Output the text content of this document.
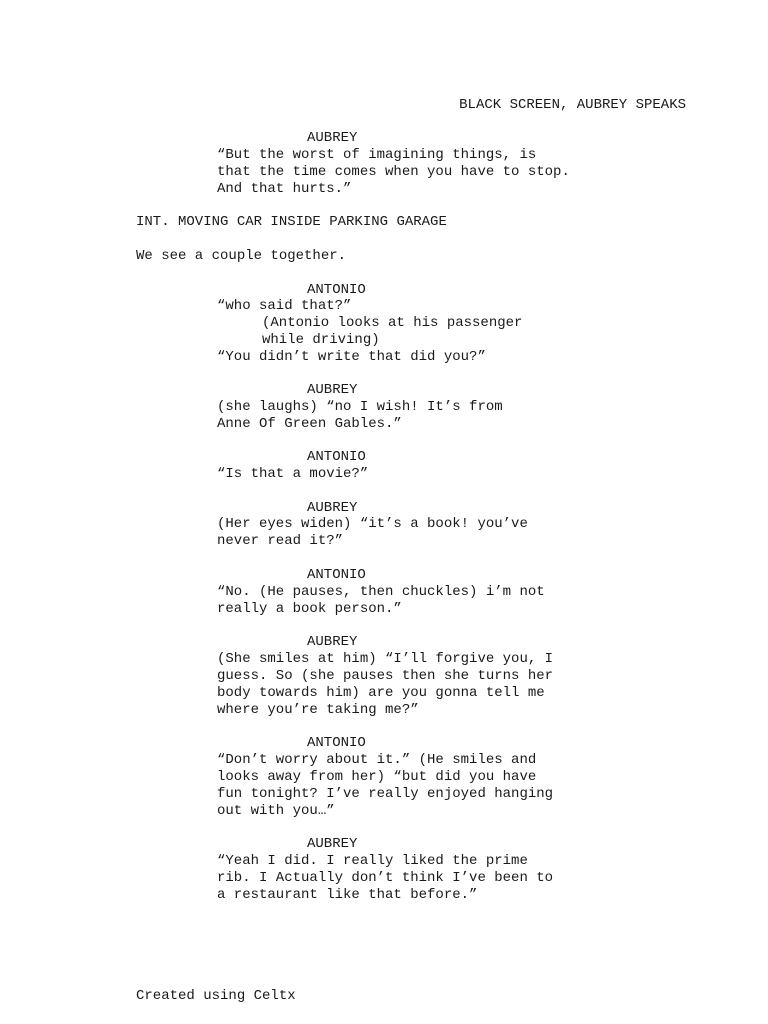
BLACK SCREEN, AUBREY SPEAKS

AUBREY

“But the worst of imagining things, is that the time comes when you have to stop. And that hurts.”

INT. MOVING CAR INSIDE PARKING GARAGE

We see a couple together.

ANTONIO

“who said that?”

(Antonio looks at his passenger while driving)

“You didn’t write that did you?”

AUBREY

(she laughs) “no I wish! It’s from Anne Of Green Gables.”

ANTONIO

“Is that a movie?”

AUBREY

(Her eyes widen) “it’s a book! you’ve never read it?”

ANTONIO

“No. (He pauses, then chuckles) i’m not really a book person.”

AUBREY

(She smiles at him) “I’ll forgive you, I guess. So (she pauses then she turns her body towards him) are you gonna tell me where you’re taking me?”

ANTONIO

“Don’t worry about it.” (He smiles and looks away from her) “but did you have fun tonight? I’ve really enjoyed hanging out with you…”

AUBREY

“Yeah I did. I really liked the prime rib. I Actually don’t think I’ve been to a restaurant like that before.”

Created using Celtx
